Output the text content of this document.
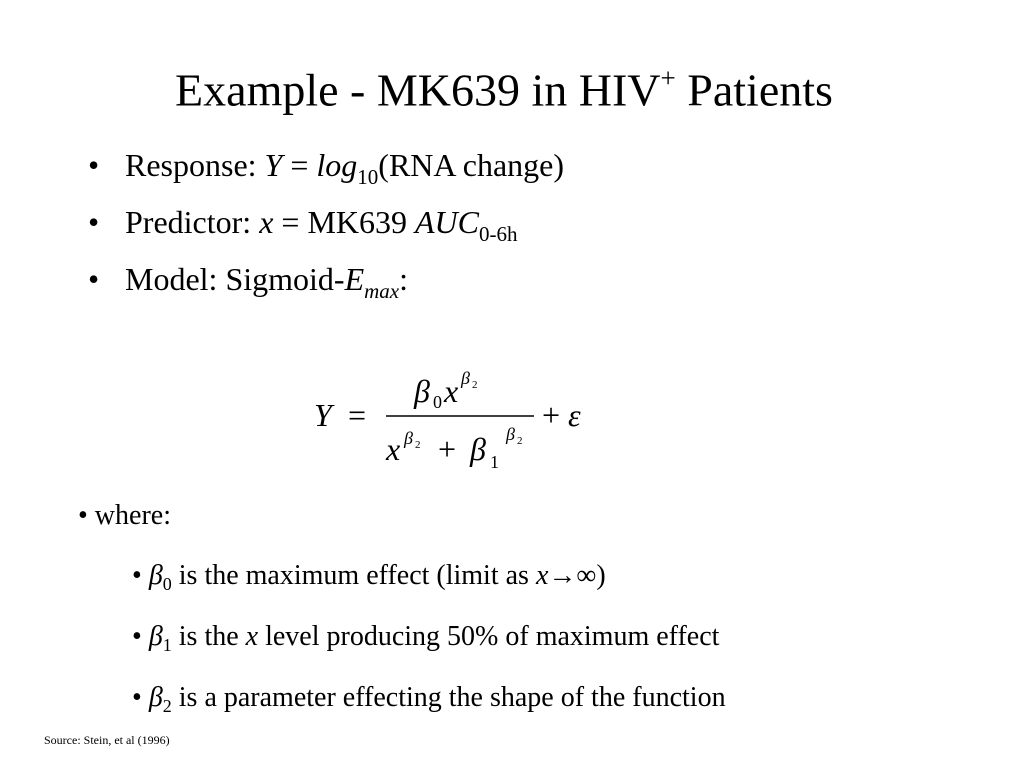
Example - MK639 in HIV+ Patients
• Response: $Y = \log_{10}(RNA$ change)
• Predictor: x = MK639 $AUC_{0-6h}$
• Model: Sigmoid-$E_{max}$:
Y =
β 0 x β 2
x β 2 + β 1
β 2
+ ε
• where:
• $\beta_0$ is the maximum effect (limit as x→∞)
• $\beta_1$ is the x level producing 50% of maximum effect
• $\beta_2$ is a parameter effecting the shape of the function
Source: Stein, et al (1996)
